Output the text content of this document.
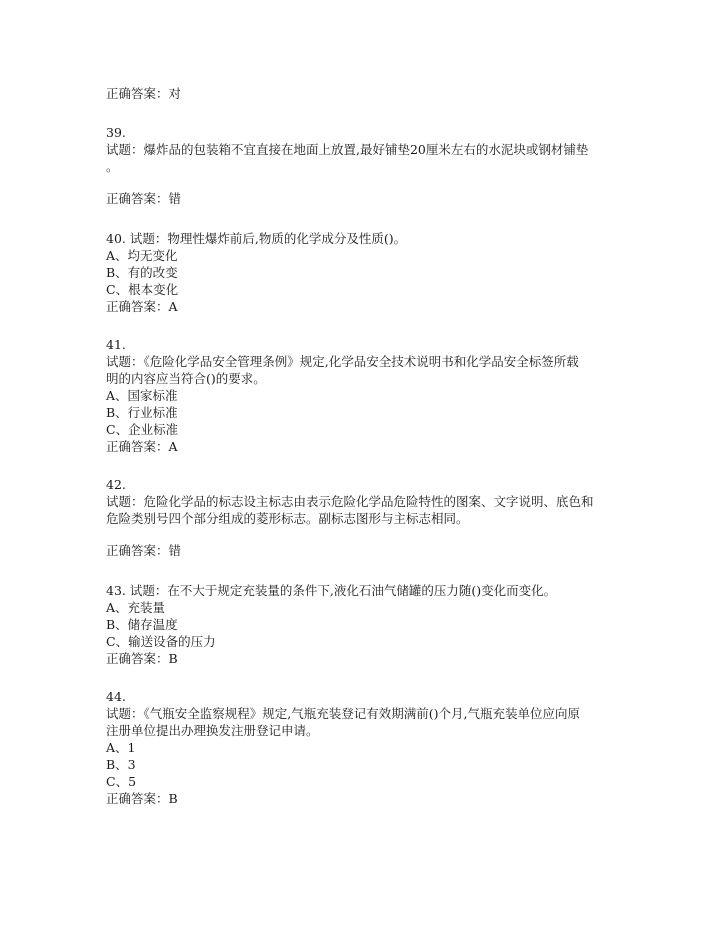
正确答案：对
39.
试题：爆炸品的包装箱不宜直接在地面上放置,最好铺垫20厘米左右的水泥块或钢材铺垫
。
正确答案：错
40. 试题：物理性爆炸前后,物质的化学成分及性质()。
A、均无变化
B、有的改变
C、根本变化
正确答案：A
41.
试题：《危险化学品安全管理条例》规定,化学品安全技术说明书和化学品安全标签所载
明的内容应当符合()的要求。
A、国家标准
B、行业标准
C、企业标准
正确答案：A
42.
试题：危险化学品的标志设主标志由表示危险化学品危险特性的图案、文字说明、底色和
危险类别号四个部分组成的菱形标志。副标志图形与主标志相同。
正确答案：错
43. 试题：在不大于规定充装量的条件下,液化石油气储罐的压力随()变化而变化。
A、充装量
B、储存温度
C、输送设备的压力
正确答案：B
44.
试题：《气瓶安全监察规程》规定,气瓶充装登记有效期满前()个月,气瓶充装单位应向原
注册单位提出办理换发注册登记申请。
A、1
B、3
C、5
正确答案：B
